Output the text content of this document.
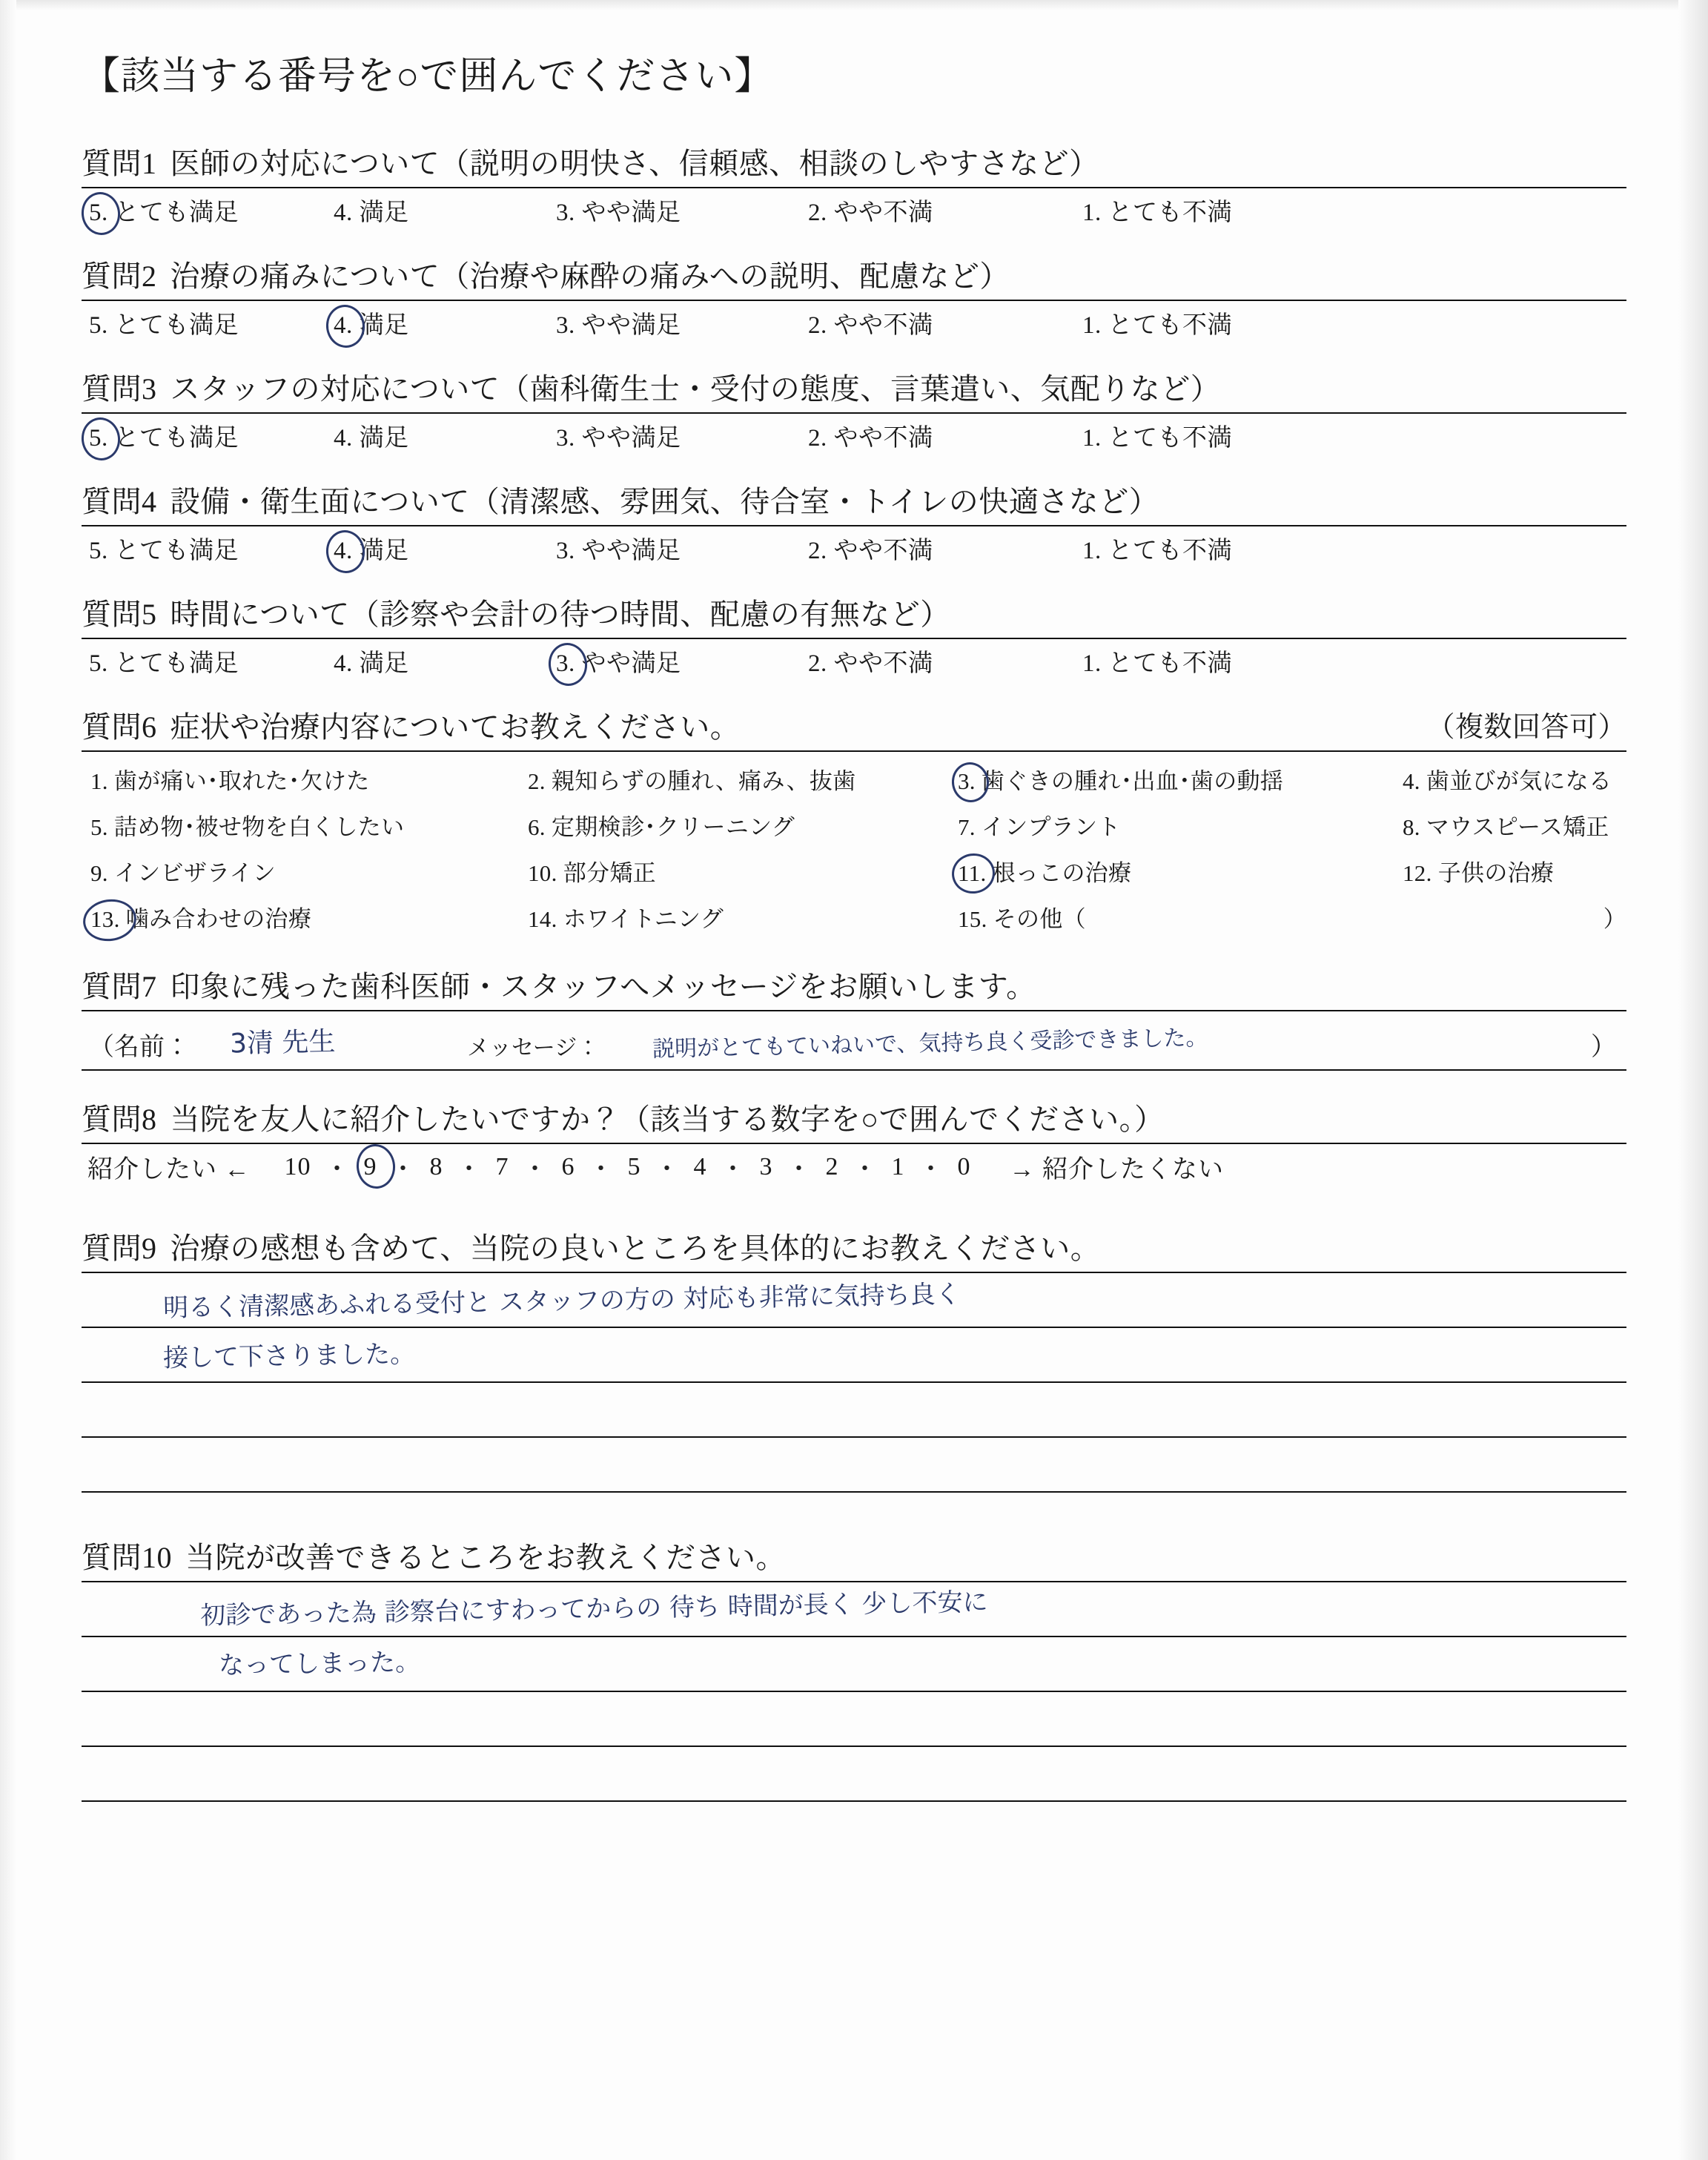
【該当する番号を○で囲んでください】
質問1 医師の対応について（説明の明快さ、信頼感、相談のしやすさなど）
5. とても満足	4. 満足	3. やや満足	2. やや不満	1. とても不満
質問2 治療の痛みについて（治療や麻酔の痛みへの説明、配慮など）
5. とても満足	4. 満足	3. やや満足	2. やや不満	1. とても不満
質問3 スタッフの対応について（歯科衛生士・受付の態度、言葉遣い、気配りなど）
5. とても満足	4. 満足	3. やや満足	2. やや不満	1. とても不満
質問4 設備・衛生面について（清潔感、雰囲気、待合室・トイレの快適さなど）
5. とても満足	4. 満足	3. やや満足	2. やや不満	1. とても不満
質問5 時間について（診察や会計の待つ時間、配慮の有無など）
5. とても満足	4. 満足	3. やや満足	2. やや不満	1. とても不満
質問6 症状や治療内容についてお教えください。	（複数回答可）
1. 歯が痛い･取れた･欠けた	2. 親知らずの腫れ、痛み、抜歯	3. 歯ぐきの腫れ･出血･歯の動揺	4. 歯並びが気になる
5. 詰め物･被せ物を白くしたい	6. 定期検診･クリーニング	7. インプラント	8. マウスピース矯正
9. インビザライン	10. 部分矯正	11. 根っこの治療	12. 子供の治療
13. 噛み合わせの治療	14. ホワイトニング	15. その他（	）
質問7 印象に残った歯科医師・スタッフへメッセージをお願いします。
（名前： 3清 先生	メッセージ： 説明がとてもていねいで、気持ち良く受診できました。	）
質問8 当院を友人に紹介したいですか？（該当する数字を○で囲んでください。）
紹介したい ←	10 ・ 9 ・ 8 ・ 7 ・ 6 ・ 5 ・ 4 ・ 3 ・ 2 ・ 1 ・ 0	→ 紹介したくない
質問9 治療の感想も含めて、当院の良いところを具体的にお教えください。
明るく清潔感あふれる受付と スタッフの方の 対応も非常に気持ち良く
接して下さりました。
質問10 当院が改善できるところをお教えください。
初診であった為 診察台にすわってからの 待ち 時間が長く 少し不安に
なってしまった。
